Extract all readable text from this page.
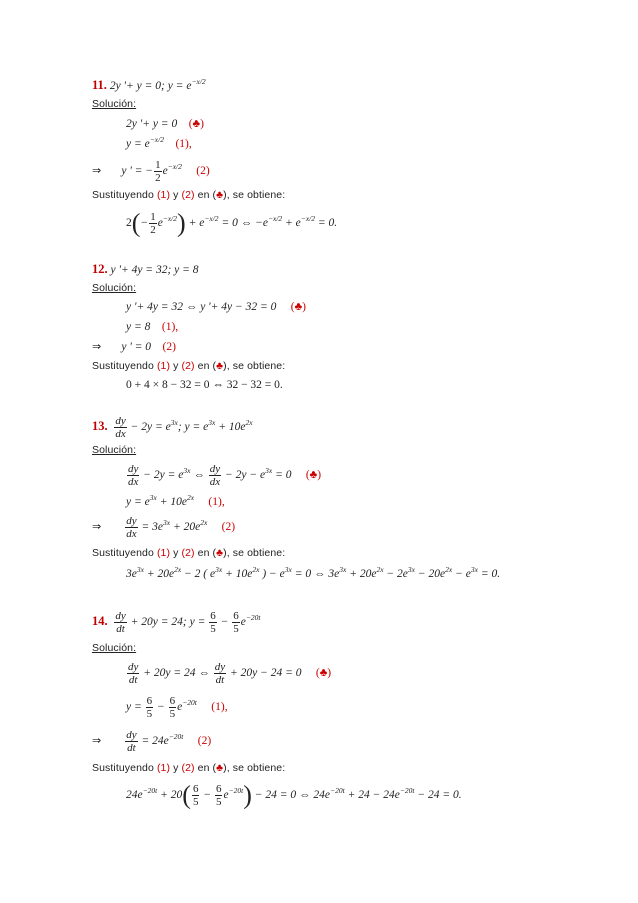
11. 2y '+ y = 0; $y = e^{-x/2}$
Solución:
2y '+ y = 0 (♣)
$y = e^{-x/2}$ (1),
⇒ y ' = − $\frac{1}{2} e^{-x/2}$ (2)
Sustituyendo (1) y (2) en (♣), se obtiene:
$2(- \frac{1}{2} e^{-x/2}) + e^{-x/2} = 0$ ⇔ $-e^{-x/2} + e^{-x/2} = 0$.
12. y '+ 4y = 32; y = 8
Solución:
y '+ 4y = 32 ⇔ y '+ 4y − 32 = 0 (♣)
y = 8 (1),
⇒ y ' = 0 (2)
Sustituyendo (1) y (2) en (♣), se obtiene:
0 + 4 × 8 − 32 = 0 ⇔ 32 − 32 = 0.
13. $\frac{dy}{dx} - 2y = e^{3x}$; $y = e^{3x} + 10e^{2x}$
Solución:
$\frac{dy}{dx} - 2y = e^{3x}$ ⇔ $\frac{dy}{dx} - 2y - e^{3x} = 0$ (♣)
$y = e^{3x} + 10e^{2x}$ (1),
⇒ $\frac{dy}{dx} = 3e^{3x} + 20e^{2x}$ (2)
Sustituyendo (1) y (2) en (♣), se obtiene:
$3e^{3x} + 20e^{2x} - 2$ ( $e^{3x} + 10e^{2x}$ ) − $e^{3x} = 0$ ⇔ $3e^{3x} + 20e^{2x} - 2e^{3x} - 20e^{2x} - e^{3x} = 0$.
14. $\frac{dy}{dt} + 20y = 24$; $y = \frac{6}{5} - \frac{6}{5} e^{-20t}$
Solución:
$\frac{dy}{dt} + 20y = 24$ ⇔ $\frac{dy}{dt} + 20y - 24 = 0$ (♣)
$y = \frac{6}{5} - \frac{6}{5} e^{-20t}$ (1),
⇒ $\frac{dy}{dt} = 24e^{-20t}$ (2)
Sustituyendo (1) y (2) en (♣), se obtiene:
$24e^{-20t} + 20( \frac{6}{5} - \frac{6}{5} e^{-20t}) - 24 = 0$ ⇔ $24e^{-20t} + 24 - 24e^{-20t} - 24 = 0$.
